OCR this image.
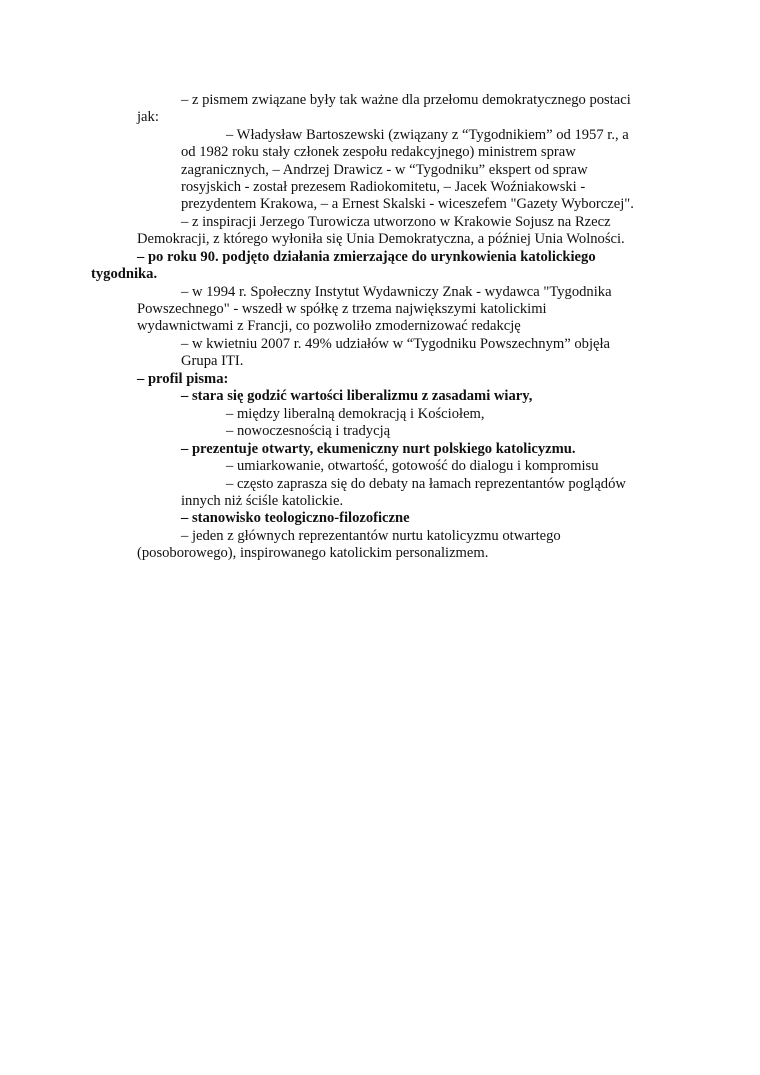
– z pismem związane były tak ważne dla przełomu demokratycznego postaci
jak:
– Władysław Bartoszewski (związany z “Tygodnikiem” od 1957 r., a
od 1982 roku stały członek zespołu redakcyjnego) ministrem spraw
zagranicznych, – Andrzej Drawicz - w “Tygodniku” ekspert od spraw
rosyjskich - został prezesem Radiokomitetu, – Jacek Woźniakowski -
prezydentem Krakowa, – a Ernest Skalski - wiceszefem "Gazety Wyborczej".
– z inspiracji Jerzego Turowicza utworzono w Krakowie Sojusz na Rzecz
Demokracji, z którego wyłoniła się Unia Demokratyczna, a później Unia Wolności.
– po roku 90. podjęto działania zmierzające do urynkowienia katolickiego
tygodnika.
– w 1994 r. Społeczny Instytut Wydawniczy Znak - wydawca "Tygodnika
Powszechnego" - wszedł w spółkę z trzema największymi katolickimi
wydawnictwami z Francji, co pozwoliło zmodernizować redakcję
– w kwietniu 2007 r. 49% udziałów w “Tygodniku Powszechnym” objęła
Grupa ITI.
– profil pisma:
– stara się godzić wartości liberalizmu z zasadami wiary,
– między liberalną demokracją i Kościołem,
– nowoczesnością i tradycją
– prezentuje otwarty, ekumeniczny nurt polskiego katolicyzmu.
– umiarkowanie, otwartość, gotowość do dialogu i kompromisu
– często zaprasza się do debaty na łamach reprezentantów poglądów
innych niż ściśle katolickie.
– stanowisko teologiczno-filozoficzne
– jeden z głównych reprezentantów nurtu katolicyzmu otwartego
(posoborowego), inspirowanego katolickim personalizmem.
